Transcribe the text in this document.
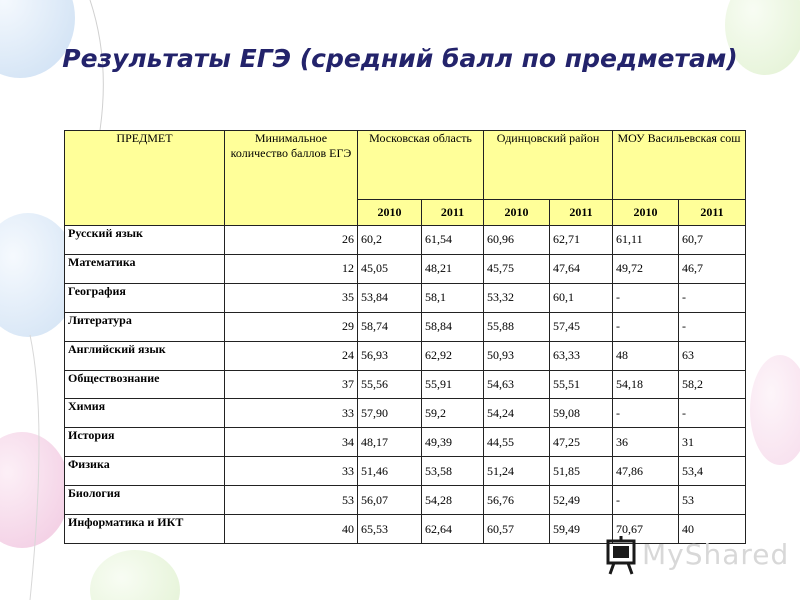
Результаты ЕГЭ (средний балл по предметам)
ПРЕДМЕТ	Минимальное количество баллов ЕГЭ	Московская область		Одинцовский район		МОУ Васильевская сош	
		2010	2011	2010	2011	2010	2011
Русский язык	26	60,2	61,54	60,96	62,71	61,11	60,7
Математика	12	45,05	48,21	45,75	47,64	49,72	46,7
География	35	53,84	58,1	53,32	60,1	-	-
Литература	29	58,74	58,84	55,88	57,45	-	-
Английский язык	24	56,93	62,92	50,93	63,33	48	63
Обществознание	37	55,56	55,91	54,63	55,51	54,18	58,2
Химия	33	57,90	59,2	54,24	59,08	-	-
История	34	48,17	49,39	44,55	47,25	36	31
Физика	33	51,46	53,58	51,24	51,85	47,86	53,4
Биология	53	56,07	54,28	56,76	52,49	-	53
Информатика и ИКТ	40	65,53	62,64	60,57	59,49	70,67	40
MyShared
